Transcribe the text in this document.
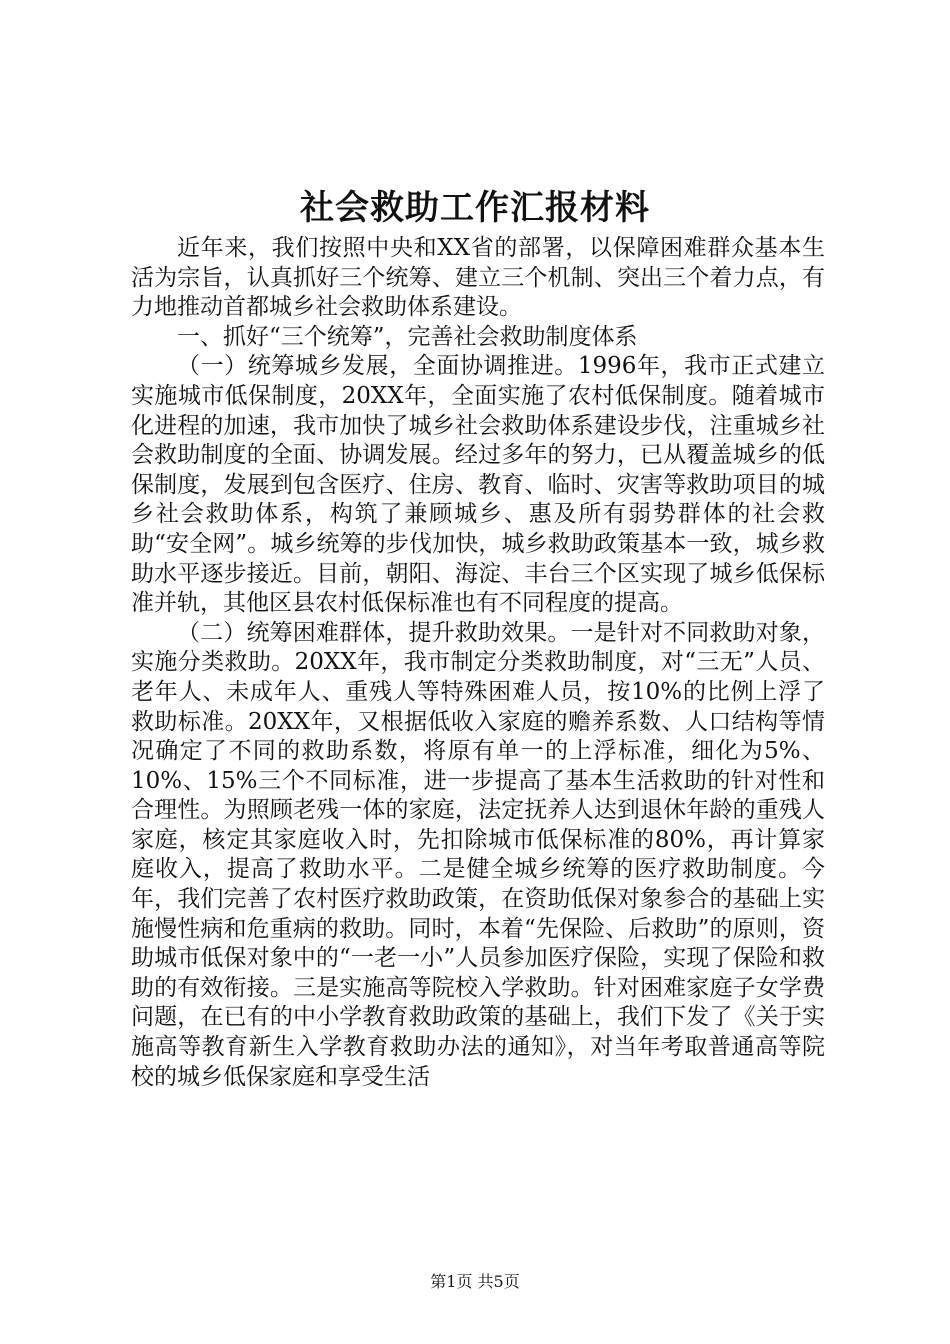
社会救助工作汇报材料

近年来，我们按照中央和XX省的部署，以保障困难群众基本生活为宗旨，认真抓好三个统筹、建立三个机制、突出三个着力点，有力地推动首都城乡社会救助体系建设。

一、抓好“三个统筹”，完善社会救助制度体系

（一）统筹城乡发展，全面协调推进。1996年，我市正式建立实施城市低保制度，20XX年，全面实施了农村低保制度。随着城市化进程的加速，我市加快了城乡社会救助体系建设步伐，注重城乡社会救助制度的全面、协调发展。经过多年的努力，已从覆盖城乡的低保制度，发展到包含医疗、住房、教育、临时、灾害等救助项目的城乡社会救助体系，构筑了兼顾城乡、惠及所有弱势群体的社会救助“安全网”。城乡统筹的步伐加快，城乡救助政策基本一致，城乡救助水平逐步接近。目前，朝阳、海淀、丰台三个区实现了城乡低保标准并轨，其他区县农村低保标准也有不同程度的提高。

（二）统筹困难群体，提升救助效果。一是针对不同救助对象，实施分类救助。20XX年，我市制定分类救助制度，对“三无”人员、老年人、未成年人、重残人等特殊困难人员，按10%的比例上浮了救助标准。20XX年，又根据低收入家庭的赡养系数、人口结构等情况确定了不同的救助系数，将原有单一的上浮标准，细化为5%、10%、15%三个不同标准，进一步提高了基本生活救助的针对性和合理性。为照顾老残一体的家庭，法定抚养人达到退休年龄的重残人家庭，核定其家庭收入时，先扣除城市低保标准的80%，再计算家庭收入，提高了救助水平。二是健全城乡统筹的医疗救助制度。今年，我们完善了农村医疗救助政策，在资助低保对象参合的基础上实施慢性病和危重病的救助。同时，本着“先保险、后救助”的原则，资助城市低保对象中的“一老一小”人员参加医疗保险，实现了保险和救助的有效衔接。三是实施高等院校入学救助。针对困难家庭子女学费问题，在已有的中小学教育救助政策的基础上，我们下发了《关于实施高等教育新生入学教育救助办法的通知》，对当年考取普通高等院校的城乡低保家庭和享受生活

第1页 共5页
